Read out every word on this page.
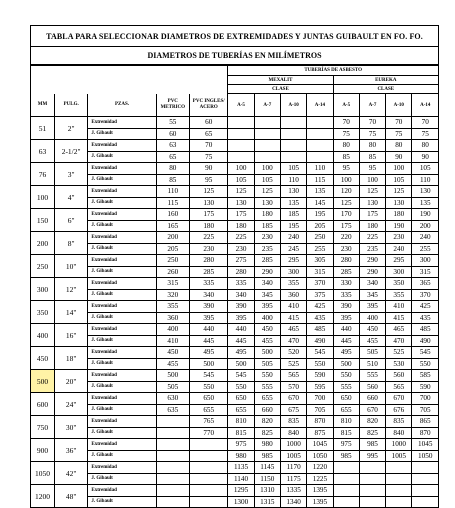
TABLA PARA SELECCIONAR DIAMETROS DE EXTREMIDADES Y JUNTAS GUIBAULT EN FO. FO.
DIAMETROS DE TUBERÍAS EN MILÍMETROS
					TUBERÍAS DE ASBESTO							
					MEXALIT				EUREKA			
					CLASE				CLASE			
MM	PULG.	PZAS.	PVC METRICO	PVC INGLES/ ACERO	A-5	A-7	A-10	A-14	A-5	A-7	A-10	A-14
51	2"	Extremidad	55	60					70	70	70	70
		J. Gibault	60	65					75	75	75	75
63	2-1/2"	Extremidad	63	70					80	80	80	80
		J. Gibault	65	75					85	85	90	90
76	3"	Extremidad	80	90	100	100	105	110	95	95	100	105
		J. Gibault	85	95	105	105	110	115	100	100	105	110
100	4"	Extremidad	110	125	125	125	130	135	120	125	125	130
		J. Gibault	115	130	130	130	135	145	125	130	130	135
150	6"	Extremidad	160	175	175	180	185	195	170	175	180	190
		J. Gibault	165	180	180	185	195	205	175	180	190	200
200	8"	Extremidad	200	225	225	230	240	250	220	225	230	240
		J. Gibault	205	230	230	235	245	255	230	235	240	255
250	10"	Extremidad	250	280	275	285	295	305	280	290	295	300
		J. Gibault	260	285	280	290	300	315	285	290	300	315
300	12"	Extremidad	315	335	335	340	355	370	330	340	350	365
		J. Gibault	320	340	340	345	360	375	335	345	355	370
350	14"	Extremidad	355	390	390	395	410	425	390	395	410	425
		J. Gibault	360	395	395	400	415	435	395	400	415	435
400	16"	Extremidad	400	440	440	450	465	485	440	450	465	485
		J. Gibault	410	445	445	455	470	490	445	455	470	490
450	18"	Extremidad	450	495	495	500	520	545	495	505	525	545
		J. Gibault	455	500	500	505	525	550	500	510	530	550
500	20"	Extremidad	500	545	545	550	565	590	550	555	560	585
		J. Gibault	505	550	550	555	570	595	555	560	565	590
600	24"	Extremidad	630	650	650	655	670	700	650	660	670	700
		J. Gibault	635	655	655	660	675	705	655	670	676	705
750	30"	Extremidad		765	810	820	835	870	810	820	835	865
		J. Gibault		770	815	825	840	875	815	825	840	870
900	36"	Extremidad			975	980	1000	1045	975	985	1000	1045
		J. Gibault			980	985	1005	1050	985	995	1005	1050
1050	42"	Extremidad			1135	1145	1170	1220				
		J. Gibault			1140	1150	1175	1225				
1200	48"	Extremidad			1295	1310	1335	1395				
		J. Gibault			1300	1315	1340	1395				
